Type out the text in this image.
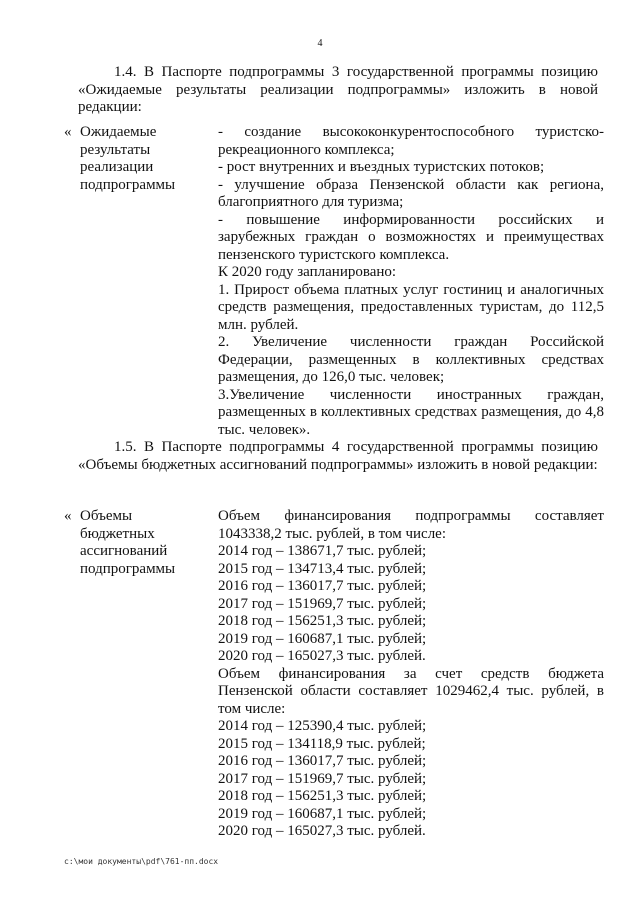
4

1.4. В Паспорте подпрограммы 3 государственной программы позицию «Ожидаемые результаты реализации подпрограммы» изложить в новой редакции:

« Ожидаемые результаты реализации подпрограммы

- создание высококонкурентоспособного туристско-рекреационного комплекса;

- рост внутренних и въездных туристских потоков;

- улучшение образа Пензенской области как региона, благоприятного для туризма;

- повышение информированности российских и зарубежных граждан о возможностях и преимуществах пензенского туристского комплекса.

К 2020 году запланировано:

1. Прирост объема платных услуг гостиниц и аналогичных средств размещения, предоставленных туристам, до 112,5 млн. рублей.

2. Увеличение численности граждан Российской Федерации, размещенных в коллективных средствах размещения, до 126,0 тыс. человек;

3.Увеличение численности иностранных граждан, размещенных в коллективных средствах размещения, до 4,8 тыс. человек».

1.5. В Паспорте подпрограммы 4 государственной программы позицию «Объемы бюджетных ассигнований подпрограммы» изложить в новой редакции:

« Объемы бюджетных ассигнований подпрограммы

Объем финансирования подпрограммы составляет 1043338,2 тыс. рублей, в том числе:

2014 год – 138671,7 тыс. рублей;

2015 год – 134713,4 тыс. рублей;

2016 год – 136017,7 тыс. рублей;

2017 год – 151969,7 тыс. рублей;

2018 год – 156251,3 тыс. рублей;

2019 год – 160687,1 тыс. рублей;

2020 год – 165027,3 тыс. рублей.

Объем финансирования за счет средств бюджета Пензенской области составляет 1029462,4 тыс. рублей, в том числе:

2014 год – 125390,4 тыс. рублей;

2015 год – 134118,9 тыс. рублей;

2016 год – 136017,7 тыс. рублей;

2017 год – 151969,7 тыс. рублей;

2018 год – 156251,3 тыс. рублей;

2019 год – 160687,1 тыс. рублей;

2020 год – 165027,3 тыс. рублей.

c:\мои документы\pdf\761-пп.docx
